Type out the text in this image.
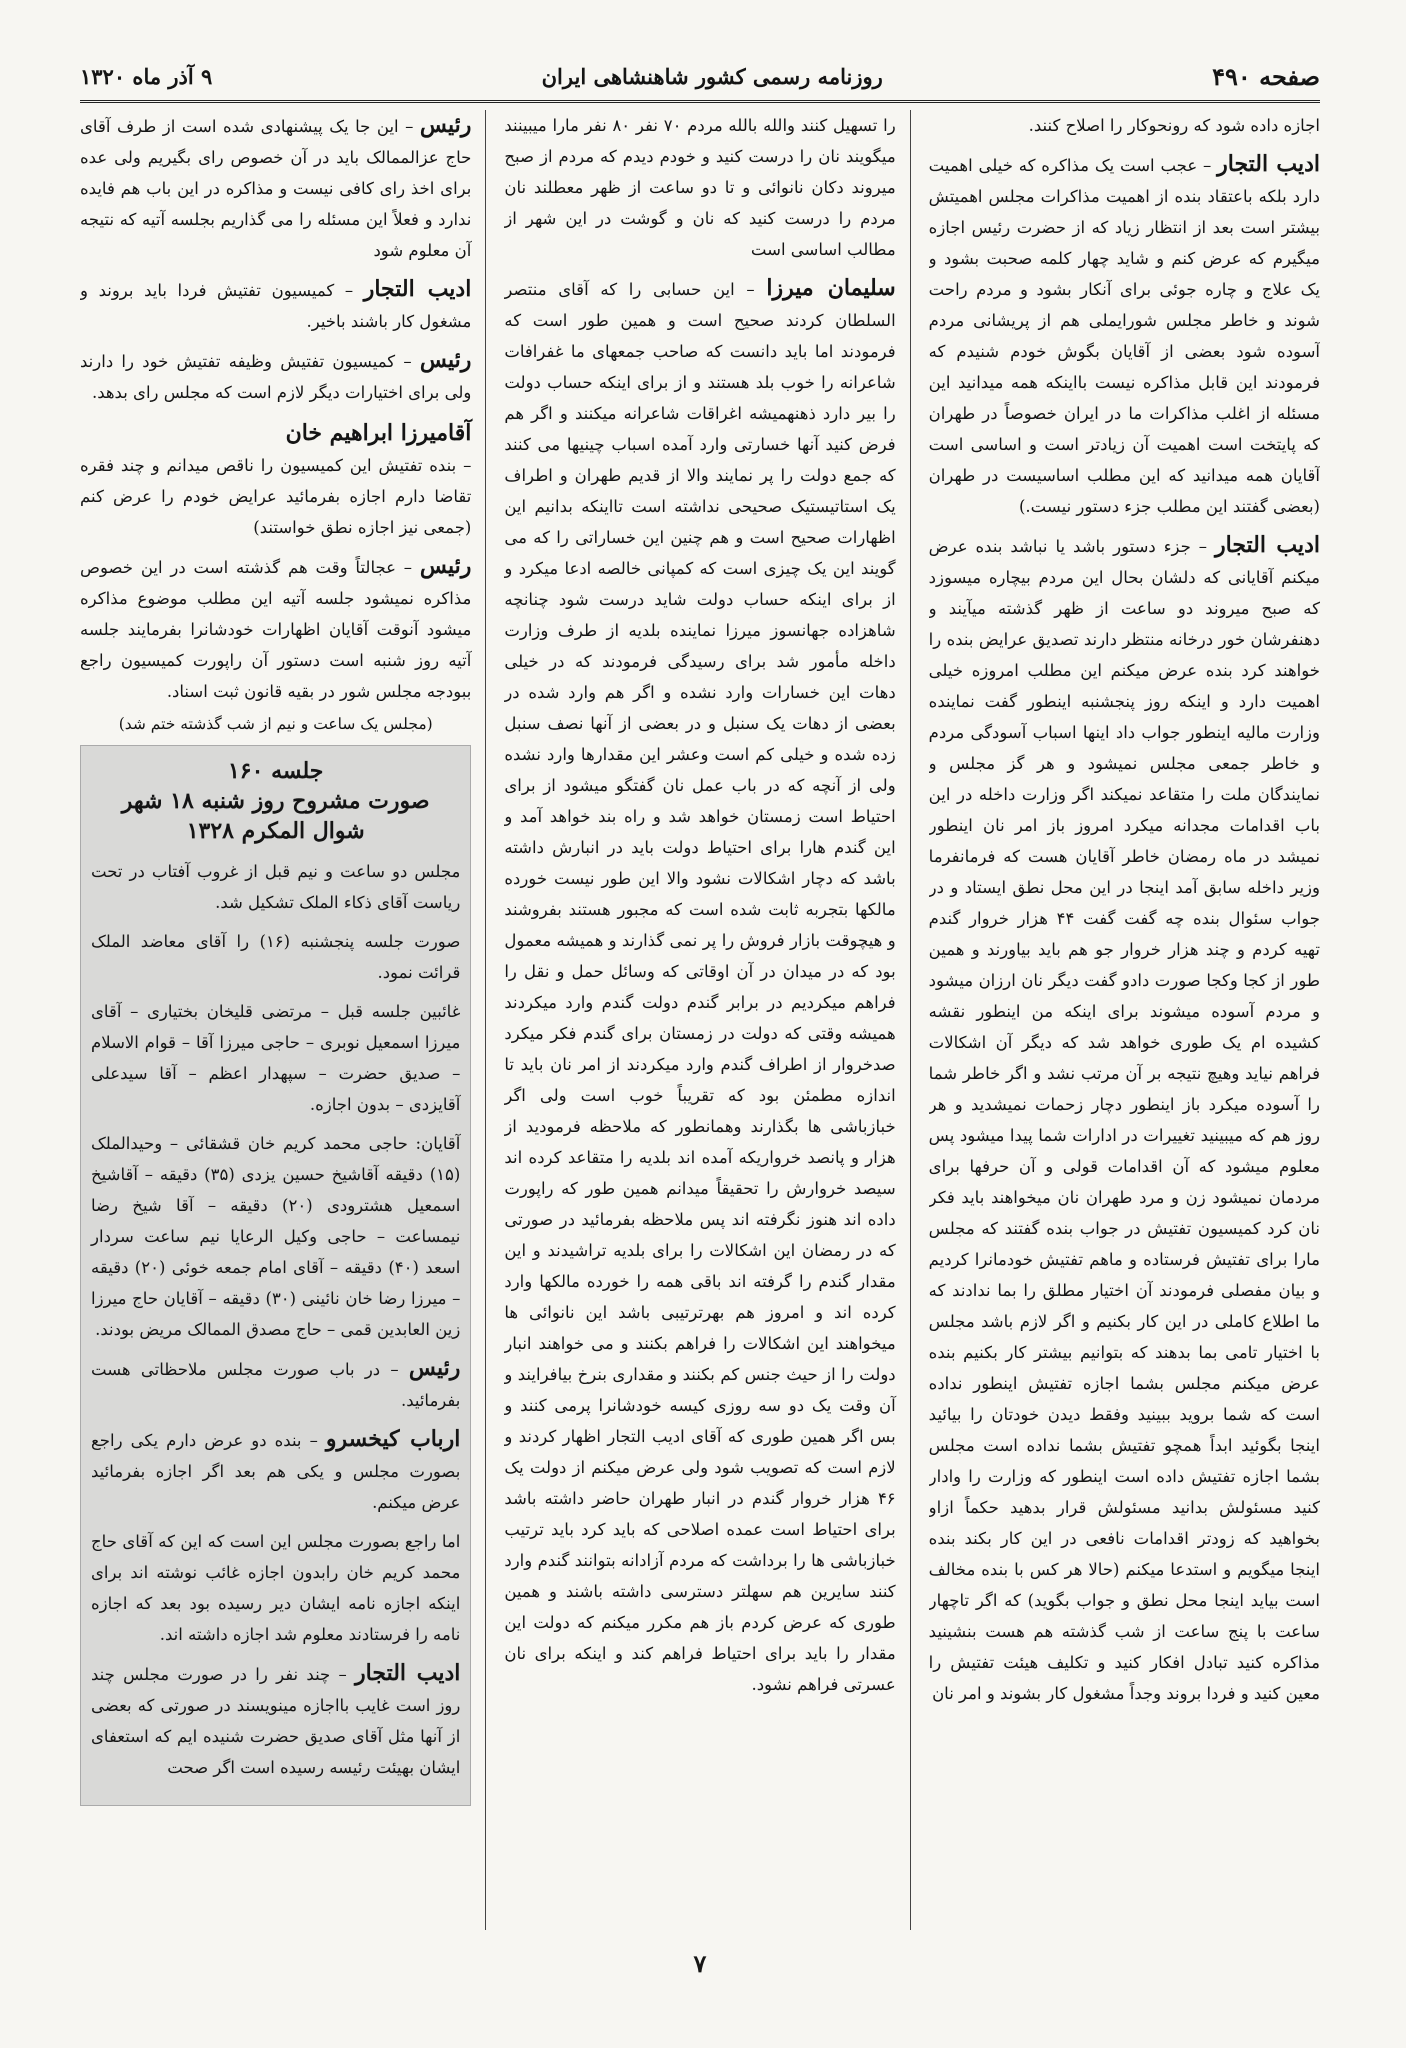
صفحه ۴۹۰
روزنامه رسمی کشور شاهنشاهی ایران
۹ آذر ماه ۱۳۲۰

اجازه داده شود که رونحوکار را اصلاح کنند.

ادیب التجار – عجب است یک مذاکره که خیلی اهمیت دارد بلکه باعتقاد بنده از اهمیت مذاکرات مجلس اهمیتش بیشتر است بعد از انتظار زیاد که از حضرت رئیس اجازه میگیرم که عرض کنم و شاید چهار کلمه صحبت بشود و یک علاج و چاره جوئی برای آنکار بشود و مردم راحت شوند و خاطر مجلس شورایملی هم از پریشانی مردم آسوده شود بعضی از آقایان بگوش خودم شنیدم که فرمودند این قابل مذاکره نیست بااینکه همه میدانید این مسئله از اغلب مذاکرات ما در ایران خصوصاً در طهران که پایتخت است اهمیت آن زیادتر است و اساسی است آقایان همه میدانید که این مطلب اساسیست در طهران (بعضی گفتند این مطلب جزء دستور نیست.)

ادیب التجار – جزء دستور باشد یا نباشد بنده عرض میکنم آقایانی که دلشان بحال این مردم بیچاره میسوزد که صبح میروند دو ساعت از ظهر گذشته میآیند و دهنفرشان خور درخانه منتظر دارند تصدیق عرایض بنده را خواهند کرد بنده عرض میکنم این مطلب امروزه خیلی اهمیت دارد و اینکه روز پنجشنبه اینطور گفت نماینده وزارت مالیه اینطور جواب داد اینها اسباب آسودگی مردم و خاطر جمعی مجلس نمیشود و هر گز مجلس و نمایندگان ملت را متقاعد نمیکند اگر وزارت داخله در این باب اقدامات مجدانه میکرد امروز باز امر نان اینطور نمیشد در ماه رمضان خاطر آقایان هست که فرمانفرما وزیر داخله سابق آمد اینجا در این محل نطق ایستاد و در جواب سئوال بنده چه گفت گفت ۴۴ هزار خروار گندم تهیه کردم و چند هزار خروار جو هم باید بیاورند و همین طور از کجا وکجا صورت دادو گفت دیگر نان ارزان میشود و مردم آسوده میشوند برای اینکه من اینطور نقشه کشیده ام یک طوری خواهد شد که دیگر آن اشکالات فراهم نیاید وهیچ نتیجه بر آن مرتب نشد و اگر خاطر شما را آسوده میکرد باز اینطور دچار زحمات نمیشدید و هر روز هم که میبینید تغییرات در ادارات شما پیدا میشود پس معلوم میشود که آن اقدامات قولی و آن حرفها برای مردمان نمیشود زن و مرد طهران نان میخواهند باید فکر نان کرد کمیسیون تفتیش در جواب بنده گفتند که مجلس مارا برای تفتیش فرستاده و ماهم تفتیش خودمانرا کردیم و بیان مفصلی فرمودند آن اختیار مطلق را بما ندادند که ما اطلاع کاملی در این کار بکنیم و اگر لازم باشد مجلس با اختیار تامی بما بدهند که بتوانیم بیشتر کار بکنیم بنده عرض میکنم مجلس بشما اجازه تفتیش اینطور نداده است که شما بروید ببینید وفقط دیدن خودتان را بیائید اینجا بگوئید ابداً همچو تفتیش بشما نداده است مجلس بشما اجازه تفتیش داده است اینطور که وزارت را وادار کنید مسئولش بدانید مسئولش قرار بدهید حکماً ازاو بخواهید که زودتر اقدامات نافعی در این کار بکند بنده اینجا میگویم و استدعا میکنم (حالا هر کس با بنده مخالف است بیاید اینجا محل نطق و جواب بگوید) که اگر تاچهار ساعت با پنج ساعت از شب گذشته هم هست بنشینید مذاکره کنید تبادل افکار کنید و تکلیف هیئت تفتیش را معین کنید و فردا بروند وجداً مشغول کار بشوند و امر نان

را تسهیل کنند والله بالله مردم ۷۰ نفر ۸۰ نفر مارا میبینند میگویند نان را درست کنید و خودم دیدم که مردم از صبح میروند دکان نانوائی و تا دو ساعت از ظهر معطلند نان مردم را درست کنید که نان و گوشت در این شهر از مطالب اساسی است

سلیمان میرزا – این حسابی را که آقای منتصر السلطان کردند صحیح است و همین طور است که فرمودند اما باید دانست که صاحب جمعهای ما غفرافات شاعرانه را خوب بلد هستند و از برای اینکه حساب دولت را بیر دارد ذهنهمیشه اغراقات شاعرانه میکنند و اگر هم فرض کنید آنها خسارتی وارد آمده اسباب چینیها می کنند که جمع دولت را پر نمایند والا از قدیم طهران و اطراف یک استاتیستیک صحیحی نداشته است تااینکه بدانیم این اظهارات صحیح است و هم چنین این خساراتی را که می گویند این یک چیزی است که کمپانی خالصه ادعا میکرد و از برای اینکه حساب دولت شاید درست شود چنانچه شاهزاده جهانسوز میرزا نماینده بلدیه از طرف وزارت داخله مأمور شد برای رسیدگی فرمودند که در خیلی دهات این خسارات وارد نشده و اگر هم وارد شده در بعضی از دهات یک سنبل و در بعضی از آنها نصف سنبل زده شده و خیلی کم است وعشر این مقدارها وارد نشده ولی از آنچه که در باب عمل نان گفتگو میشود از برای احتیاط است زمستان خواهد شد و راه بند خواهد آمد و این گندم هارا برای احتیاط دولت باید در انبارش داشته باشد که دچار اشکالات نشود والا این طور نیست خورده مالکها بتجربه ثابت شده است که مجبور هستند بفروشند و هیچوقت بازار فروش را پر نمی گذارند و همیشه معمول بود که در میدان در آن اوقاتی که وسائل حمل و نقل را فراهم میکردیم در برابر گندم دولت گندم وارد میکردند همیشه وقتی که دولت در زمستان برای گندم فکر میکرد صدخروار از اطراف گندم وارد میکردند از امر نان باید تا اندازه مطمئن بود که تقریباً خوب است ولی اگر خبازباشی ها بگذارند وهمانطور که ملاحظه فرمودید از هزار و پانصد خرواریکه آمده اند بلدیه را متقاعد کرده اند سیصد خروارش را تحقیقاً میدانم همین طور که راپورت داده اند هنوز نگرفته اند پس ملاحظه بفرمائید در صورتی که در رمضان این اشکالات را برای بلدیه تراشیدند و این مقدار گندم را گرفته اند باقی همه را خورده مالکها وارد کرده اند و امروز هم بهرترتیبی باشد این نانوائی ها میخواهند این اشکالات را فراهم بکنند و می خواهند انبار دولت را از حیث جنس کم بکنند و مقداری بنرخ بیافرایند و آن وقت یک دو سه روزی کیسه خودشانرا پرمی کنند و بس اگر همین طوری که آقای ادیب التجار اظهار کردند و لازم است که تصویب شود ولی عرض میکنم از دولت یک ۴۶ هزار خروار گندم در انبار طهران حاضر داشته باشد برای احتیاط است عمده اصلاحی که باید کرد باید ترتیب خبازباشی ها را برداشت که مردم آزادانه بتوانند گندم وارد کنند سایرین هم سهلتر دسترسی داشته باشند و همین طوری که عرض کردم باز هم مکرر میکنم که دولت این مقدار را باید برای احتیاط فراهم کند و اینکه برای نان عسرتی فراهم نشود.

رئیس – این جا یک پیشنهادی شده است از طرف آقای حاج عزالممالک باید در آن خصوص رای بگیریم ولی عده برای اخذ رای کافی نیست و مذاکره در این باب هم فایده ندارد و فعلاً این مسئله را می گذاریم بجلسه آتیه که نتیجه آن معلوم شود

ادیب التجار – کمیسیون تفتیش فردا باید بروند و مشغول کار باشند باخیر.

رئیس – کمیسیون تفتیش وظیفه تفتیش خود را دارند ولی برای اختیارات دیگر لازم است که مجلس رای بدهد.

آقامیرزا ابراهیم خان
– بنده تفتیش این کمیسیون را ناقص میدانم و چند فقره تقاضا دارم اجازه بفرمائید عرایض خودم را عرض کنم (جمعی نیز اجازه نطق خواستند)

رئیس – عجالتاً وقت هم گذشته است در این خصوص مذاکره نمیشود جلسه آتیه این مطلب موضوع مذاکره میشود آنوقت آقایان اظهارات خودشانرا بفرمایند جلسه آتیه روز شنبه است دستور آن راپورت کمیسیون راجع ببودجه مجلس شور در بقیه قانون ثبت اسناد.

(مجلس یک ساعت و نیم از شب گذشته ختم شد)
جلسه ۱۶۰
صورت مشروح روز شنبه ۱۸ شهر
شوال المکرم ۱۳۲۸

مجلس دو ساعت و نیم قبل از غروب آفتاب در تحت ریاست آقای ذکاء الملک تشکیل شد.

صورت جلسه پنجشنبه (۱۶) را آقای معاضد الملک قرائت نمود.

غائبین جلسه قبل – مرتضی قلیخان بختیاری – آقای میرزا اسمعیل نوبری – حاجی میرزا آقا – قوام الاسلام – صدیق حضرت – سپهدار اعظم – آقا سیدعلی آقایزدی – بدون اجازه.

آقایان: حاجی محمد کریم خان قشقائی – وحیدالملک (۱۵) دقیقه آقاشیخ حسین یزدی (۳۵) دقیقه – آقاشیخ اسمعیل هشترودی (۲۰) دقیقه – آقا شیخ رضا نیمساعت – حاجی وکیل الرعایا نیم ساعت سردار اسعد (۴۰) دقیقه – آقای امام جمعه خوئی (۲۰) دقیقه – میرزا رضا خان نائینی (۳۰) دقیقه – آقایان حاج میرزا زین العابدین قمی – حاج مصدق الممالک مریض بودند.

رئیس – در باب صورت مجلس ملاحظاتی هست بفرمائید.

ارباب کیخسرو – بنده دو عرض دارم یکی راجع بصورت مجلس و یکی هم بعد اگر اجازه بفرمائید عرض میکنم.

اما راجع بصورت مجلس این است که این که آقای حاج محمد کریم خان رابدون اجازه غائب نوشته اند برای اینکه اجازه نامه ایشان دیر رسیده بود بعد که اجازه نامه را فرستادند معلوم شد اجازه داشته اند.

ادیب التجار – چند نفر را در صورت مجلس چند روز است غایب بااجازه مینویسند در صورتی که بعضی از آنها مثل آقای صدیق حضرت شنیده ایم که استعفای ایشان بهیئت رئیسه رسیده است اگر صحت

۷
